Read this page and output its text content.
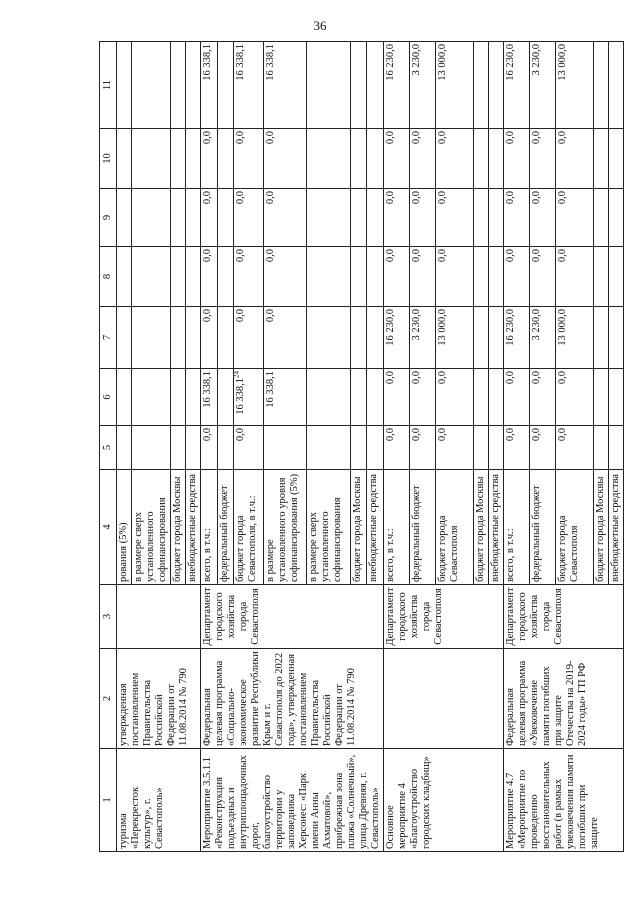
36
1	2	3	4	5	6	7	8	9	10	11
туризма «Перекресток культур», г. Севастополь»	утвержденная постановлением Правительства Российской Федерации от 11.08.2014 № 790		рования (5%)							
			в размере сверх установленного софинансирования							
			бюджет города Москвы							
			внебюджетные средства							
Мероприятие 3.5.1.1 «Реконструкция подъездных и внутриплощадочных дорог, благоустройство территории у заповедника Херсонес: «Парк имени Анны Ахматовой», прибрежная зона пляжа «Солнечный», улица Древняя, г. Севастополь»	Федеральная целевая программа «Социально-экономическое развитие Республики Крым и г. Севастополя до 2022 года», утвержденная постановлением Правительства Российской Федерации от 11.08.2014 № 790	Департамент городского хозяйства города Севастополя	всего, в т.ч.:	0,0	16 338,1	0,0	0,0	0,0	0,0	16 338,1
			федеральный бюджет							
			бюджет города Севастополя, в т.ч.:	0,0	16 338,1$^{24}$	0,0	0,0	0,0	0,0	16 338,1
			в размере установленного уровня софинансирования (5%)		16 338,1	0,0	0,0	0,0	0,0	16 338,1
			в размере сверх установленного софинансирования							
			бюджет города Москвы							
			внебюджетные средства							
Основное мероприятие 4 «Благоустройство городских кладбищ»		Департамент городского хозяйства города Севастополя	всего, в т.ч.:	0,0	0,0	16 230,0	0,0	0,0	0,0	16 230,0
			федеральный бюджет	0,0	0,0	3 230,0	0,0	0,0	0,0	3 230,0
			бюджет города Севастополя	0,0	0,0	13 000,0	0,0	0,0	0,0	13 000,0
			бюджет города Москвы							
			внебюджетные средства							
Мероприятие 4.7 «Мероприятие по проведению восстановительных работ (в рамках увековечения памяти погибших при защите	Федеральная целевая программа «Увековечение памяти погибших при защите Отечества на 2019-2024 годы» ГП РФ	Департамент городского хозяйства города Севастополя	всего, в т.ч.:	0,0	0,0	16 230,0	0,0	0,0	0,0	16 230,0
			федеральный бюджет	0,0	0,0	3 230,0	0,0	0,0	0,0	3 230,0
			бюджет города Севастополя	0,0	0,0	13 000,0	0,0	0,0	0,0	13 000,0
			бюджет города Москвы							
			внебюджетные средства							
